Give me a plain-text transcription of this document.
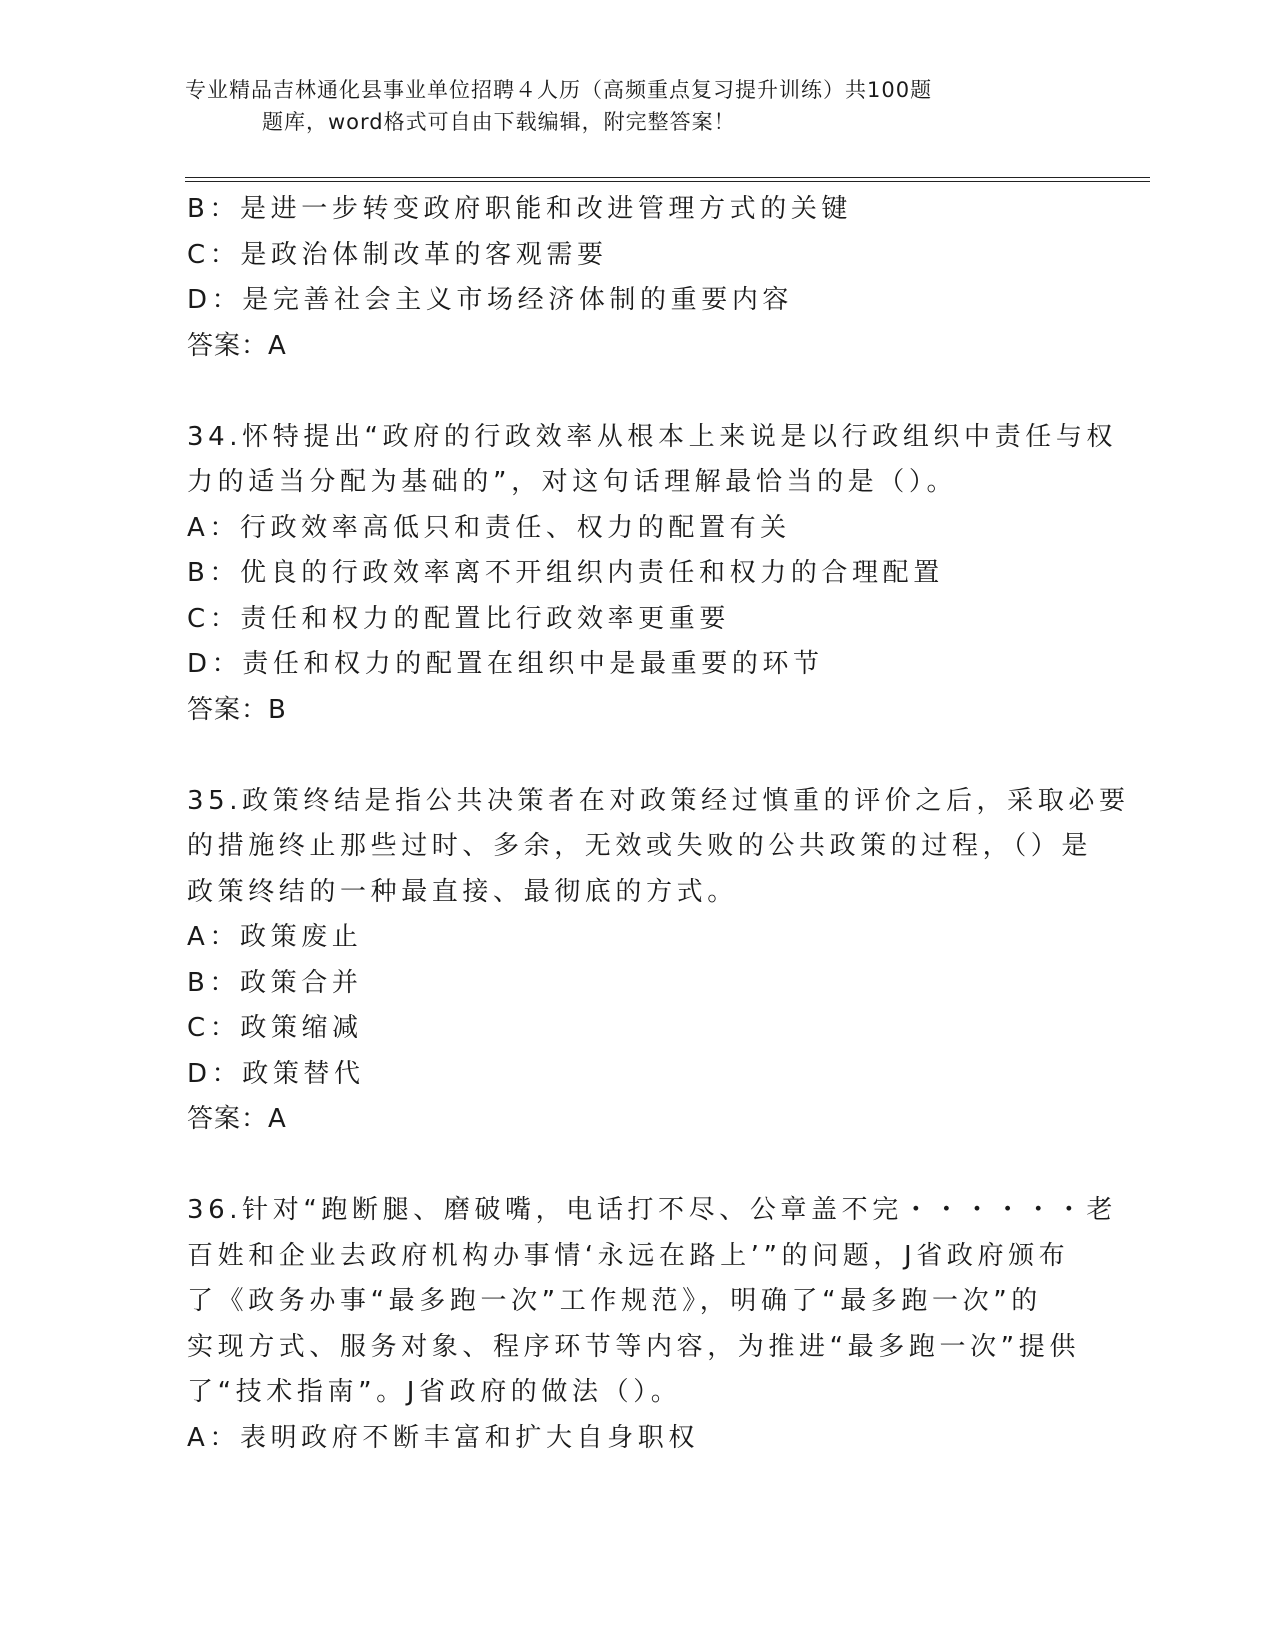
专业精品吉林通化县事业单位招聘４人历（高频重点复习提升训练）共100题
题库，word格式可自由下载编辑，附完整答案！
B：是进一步转变政府职能和改进管理方式的关键
C：是政治体制改革的客观需要
D：是完善社会主义市场经济体制的重要内容
答案：A
34.怀特提出“政府的行政效率从根本上来说是以行政组织中责任与权
力的适当分配为基础的”，对这句话理解最恰当的是（）。
A：行政效率高低只和责任、权力的配置有关
B：优良的行政效率离不开组织内责任和权力的合理配置
C：责任和权力的配置比行政效率更重要
D：责任和权力的配置在组织中是最重要的环节
答案：B
35.政策终结是指公共决策者在对政策经过慎重的评价之后，采取必要
的措施终止那些过时、多余，无效或失败的公共政策的过程，（）是
政策终结的一种最直接、最彻底的方式。
A：政策废止
B：政策合并
C：政策缩减
D：政策替代
答案：A
36.针对“跑断腿、磨破嘴，电话打不尽、公章盖不完・・・・・・老
百姓和企业去政府机构办事情‘永远在路上’”的问题，J省政府颁布
了《政务办事“最多跑一次”工作规范》，明确了“最多跑一次”的
实现方式、服务对象、程序环节等内容，为推进“最多跑一次”提供
了“技术指南”。J省政府的做法（）。
A：表明政府不断丰富和扩大自身职权
